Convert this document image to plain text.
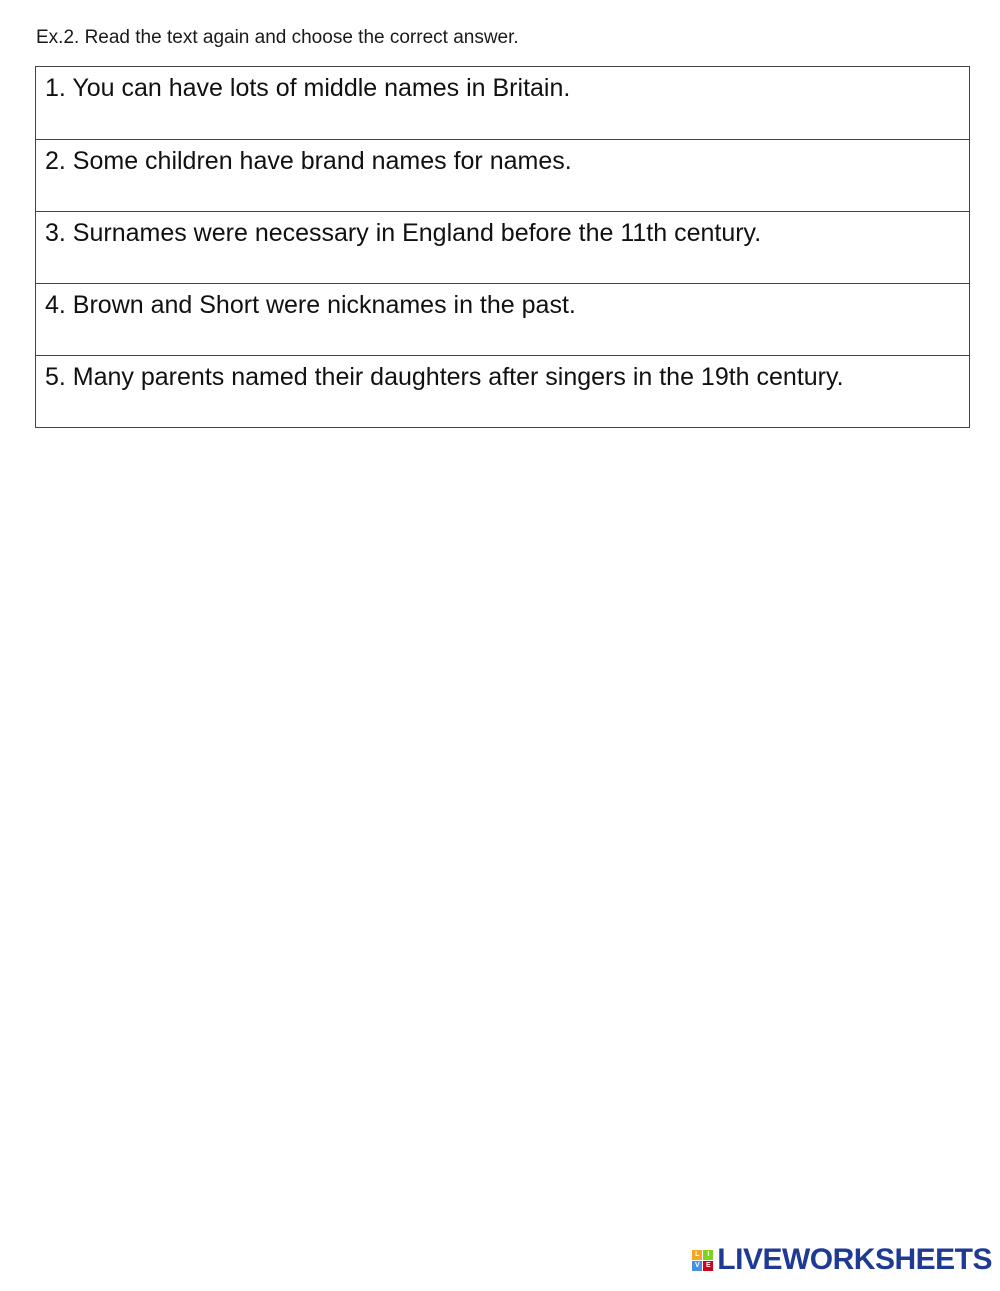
Ex.2. Read the text again and choose the correct answer.
1. You can have lots of middle names in Britain.
2. Some children have brand names for names.
3. Surnames were necessary in England before the 11th century.
4. Brown and Short were nicknames in the past.
5. Many parents named their daughters after singers in the 19th century.
L	I
V E LIVEWORKSHEETS
